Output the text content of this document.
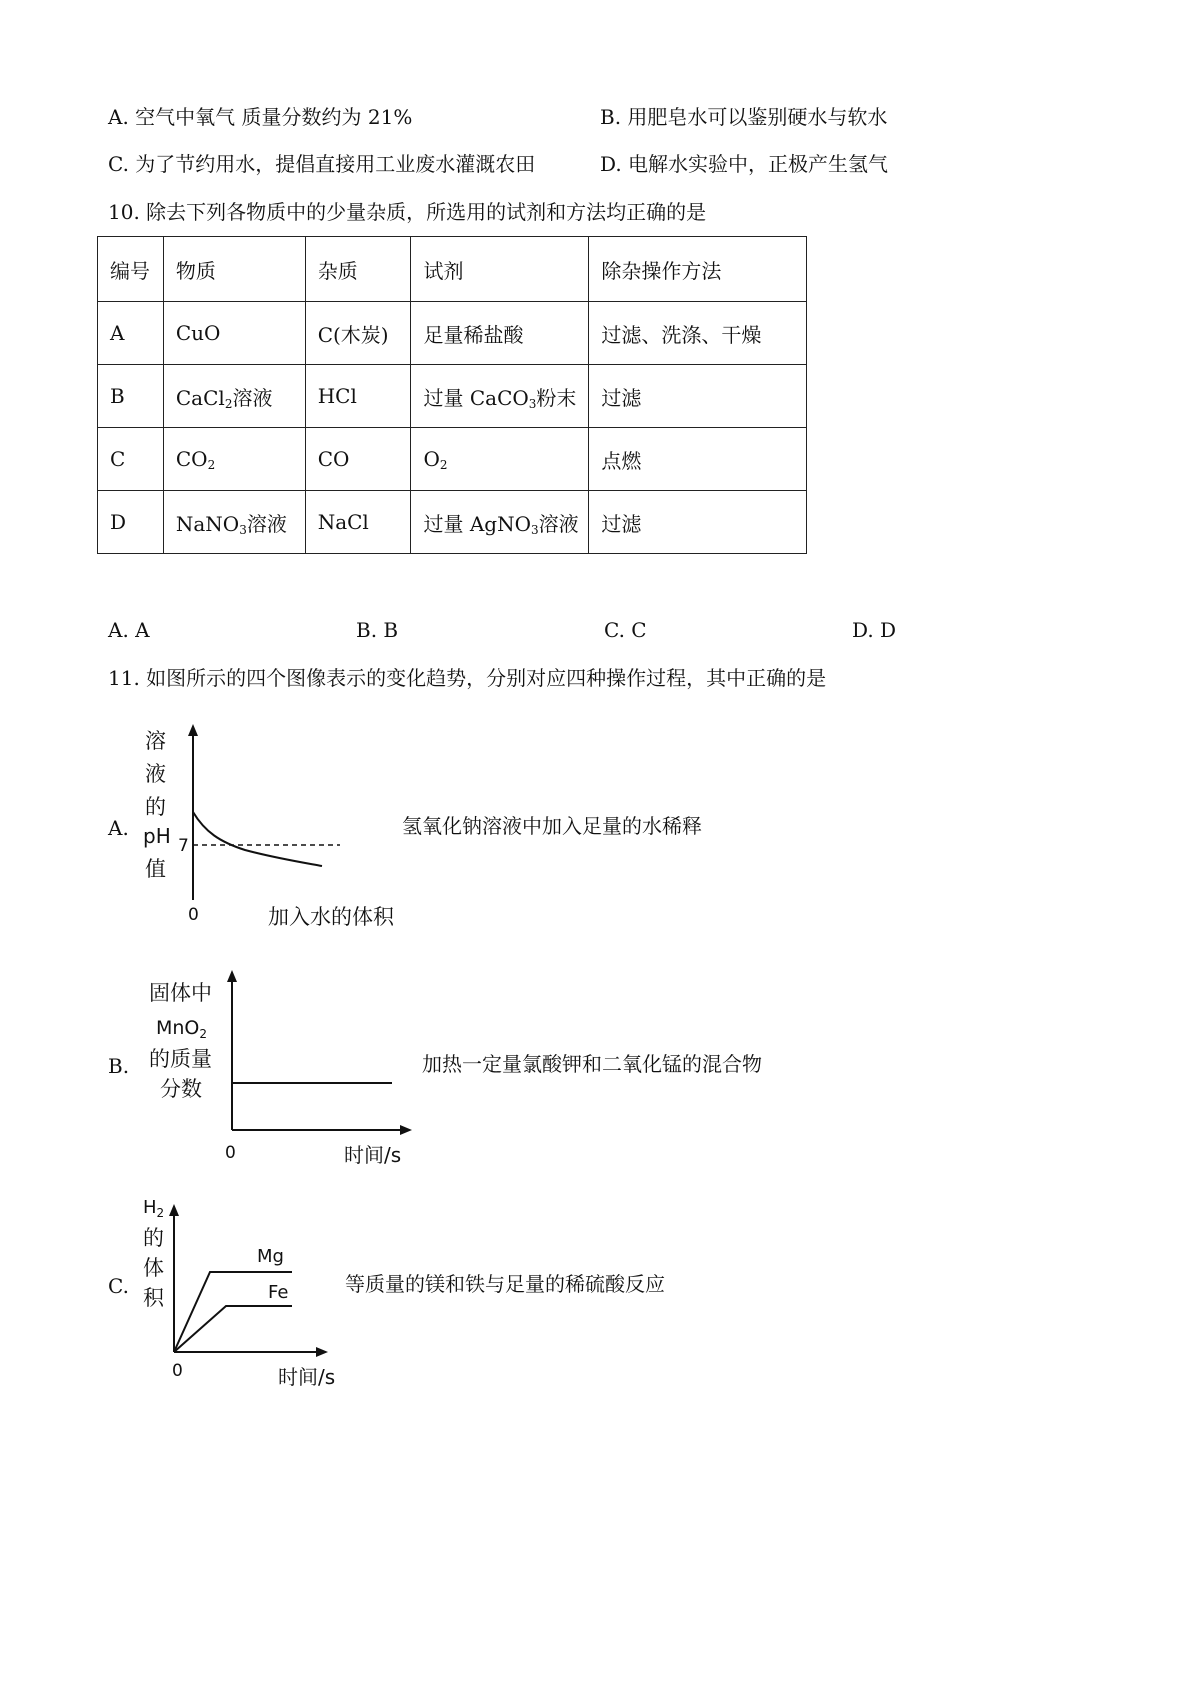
A. 空气中氧气 质量分数约为 21%	B. 用肥皂水可以鉴别硬水与软水
C. 为了节约用水，提倡直接用工业废水灌溉农田	D. 电解水实验中，正极产生氢气
10. 除去下列各物质中的少量杂质，所选用的试剂和方法均正确的是
编号	物质	杂质	试剂	除杂操作方法
A	CuO	C(木炭)	足量稀盐酸	过滤、洗涤、干燥
B	CaCl$_2$溶液	HCl	过量 CaCO$_3$粉末	过滤
C	$CO_2$	CO	$O_2$	点燃
D	NaNO$_3$溶液	NaCl	过量 AgNO$_3$溶液	过滤
A. A	B. B	C. C	D. D
11. 如图所示的四个图像表示的变化趋势，分别对应四种操作过程，其中正确的是
A.	氢氧化钠溶液中加入足量的水稀释
溶
液
的
pH
值
7
0	加入水的体积
B.	加热一定量氯酸钾和二氧化锰的混合物
固体中
MnO$_2$
的质量
分数
0	时间/s
C.	等质量的镁和铁与足量的稀硫酸反应
$H_2$
的
体
积
Mg
Fe
0	时间/s
